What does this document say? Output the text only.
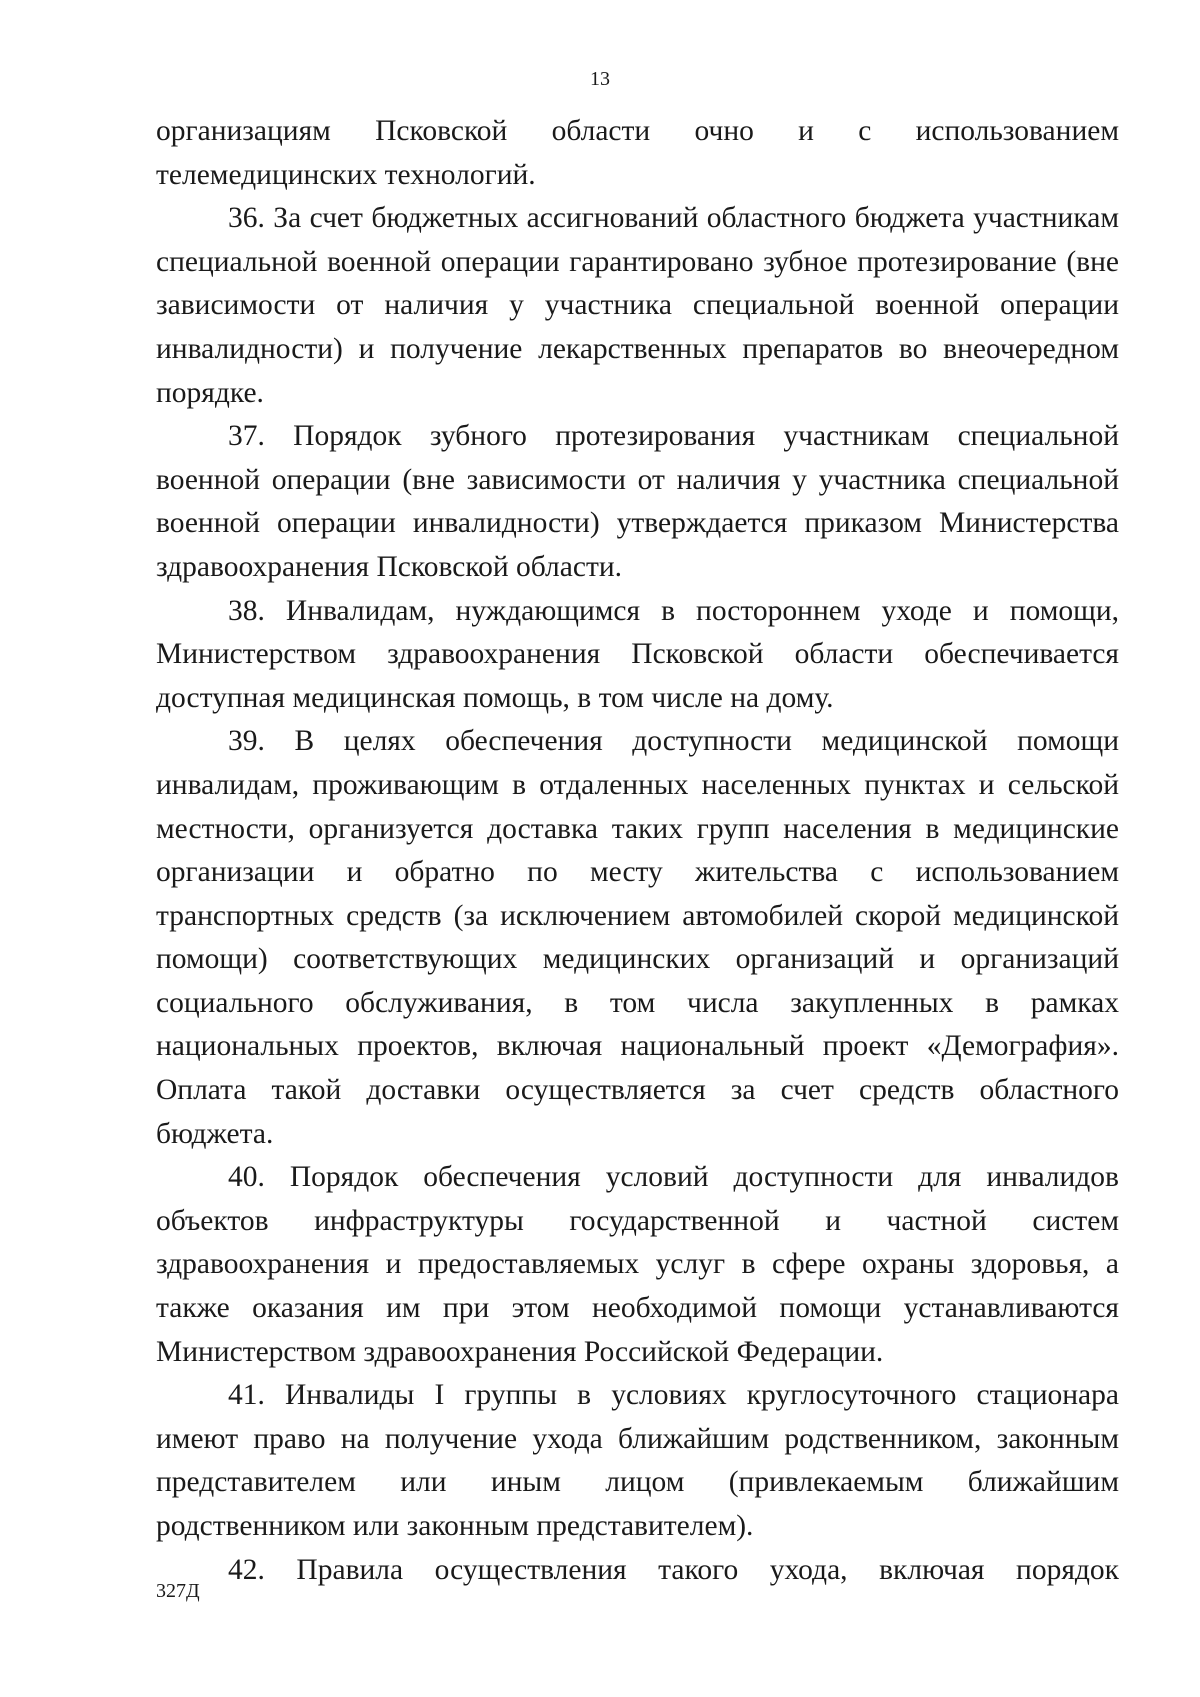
13

организациям Псковской области очно и с использованием телемедицинских технологий.

36. За счет бюджетных ассигнований областного бюджета участникам специальной военной операции гарантировано зубное протезирование (вне зависимости от наличия у участника специальной военной операции инвалидности) и получение лекарственных препаратов во внеочередном порядке.

37. Порядок зубного протезирования участникам специальной военной операции (вне зависимости от наличия у участника специальной военной операции инвалидности) утверждается приказом Министерства здравоохранения Псковской области.

38. Инвалидам, нуждающимся в постороннем уходе и помощи, Министерством здравоохранения Псковской области обеспечивается доступная медицинская помощь, в том числе на дому.

39. В целях обеспечения доступности медицинской помощи инвалидам, проживающим в отдаленных населенных пунктах и сельской местности, организуется доставка таких групп населения в медицинские организации и обратно по месту жительства с использованием транспортных средств (за исключением автомобилей скорой медицинской помощи) соответствующих медицинских организаций и организаций социального обслуживания, в том числа закупленных в рамках национальных проектов, включая национальный проект «Демография». Оплата такой доставки осуществляется за счет средств областного бюджета.

40. Порядок обеспечения условий доступности для инвалидов объектов инфраструктуры государственной и частной систем здравоохранения и предоставляемых услуг в сфере охраны здоровья, а также оказания им при этом необходимой помощи устанавливаются Министерством здравоохранения Российской Федерации.

41. Инвалиды I группы в условиях круглосуточного стационара имеют право на получение ухода ближайшим родственником, законным представителем или иным лицом (привлекаемым ближайшим родственником или законным представителем).

42. Правила осуществления такого ухода, включая порядок

327Д
